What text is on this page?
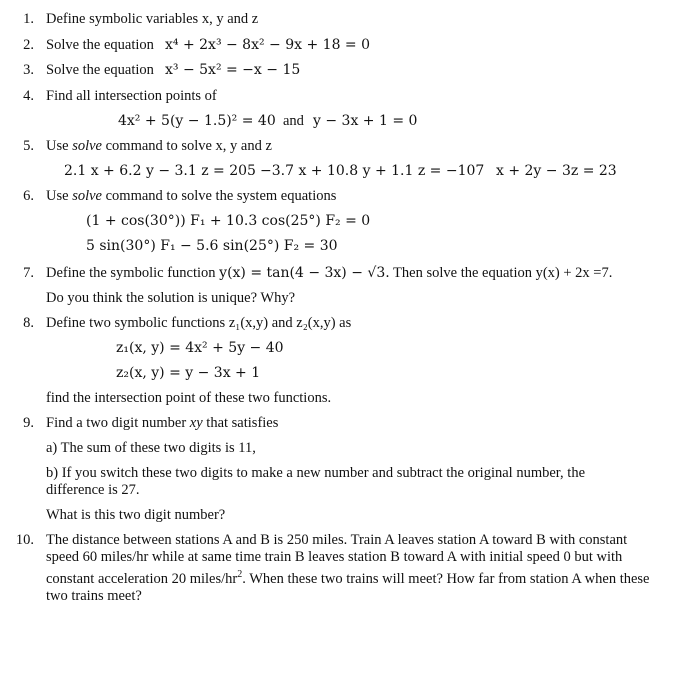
1. Define symbolic variables x, y and z
2. Solve the equation x⁴ + 2x³ − 8x² − 9x + 18 = 0
3. Solve the equation x³ − 5x² = −x − 15
4. Find all intersection points of
4x² + 5(y − 1.5)² = 40 and y − 3x + 1 = 0
5. Use solve command to solve x, y and z
2.1 x + 6.2 y − 3.1 z = 205 −3.7 x + 10.8 y + 1.1 z = −107 x + 2y − 3z = 23
6. Use solve command to solve the system equations
(1 + cos(30°)) F₁ + 10.3 cos(25°) F₂ = 0
5 sin(30°) F₁ − 5.6 sin(25°) F₂ = 30
7. Define the symbolic function y(x) = tan(4 − 3x) − √3. Then solve the equation y(x) + 2x =7.
Do you think the solution is unique? Why?
8. Define two symbolic functions z₁(x,y) and z₂(x,y) as
z₁(x, y) = 4x² + 5y − 40
z₂(x, y) = y − 3x + 1
find the intersection point of these two functions.
9. Find a two digit number xy that satisfies
a) The sum of these two digits is 11,
b) If you switch these two digits to make a new number and subtract the original number, the difference is 27.
What is this two digit number?
10. The distance between stations A and B is 250 miles. Train A leaves station A toward B with constant speed 60 miles/hr while at same time train B leaves station B toward A with initial speed 0 but with constant acceleration 20 miles/$hr^2$. When these two trains will meet? How far from station A when these two trains meet?
